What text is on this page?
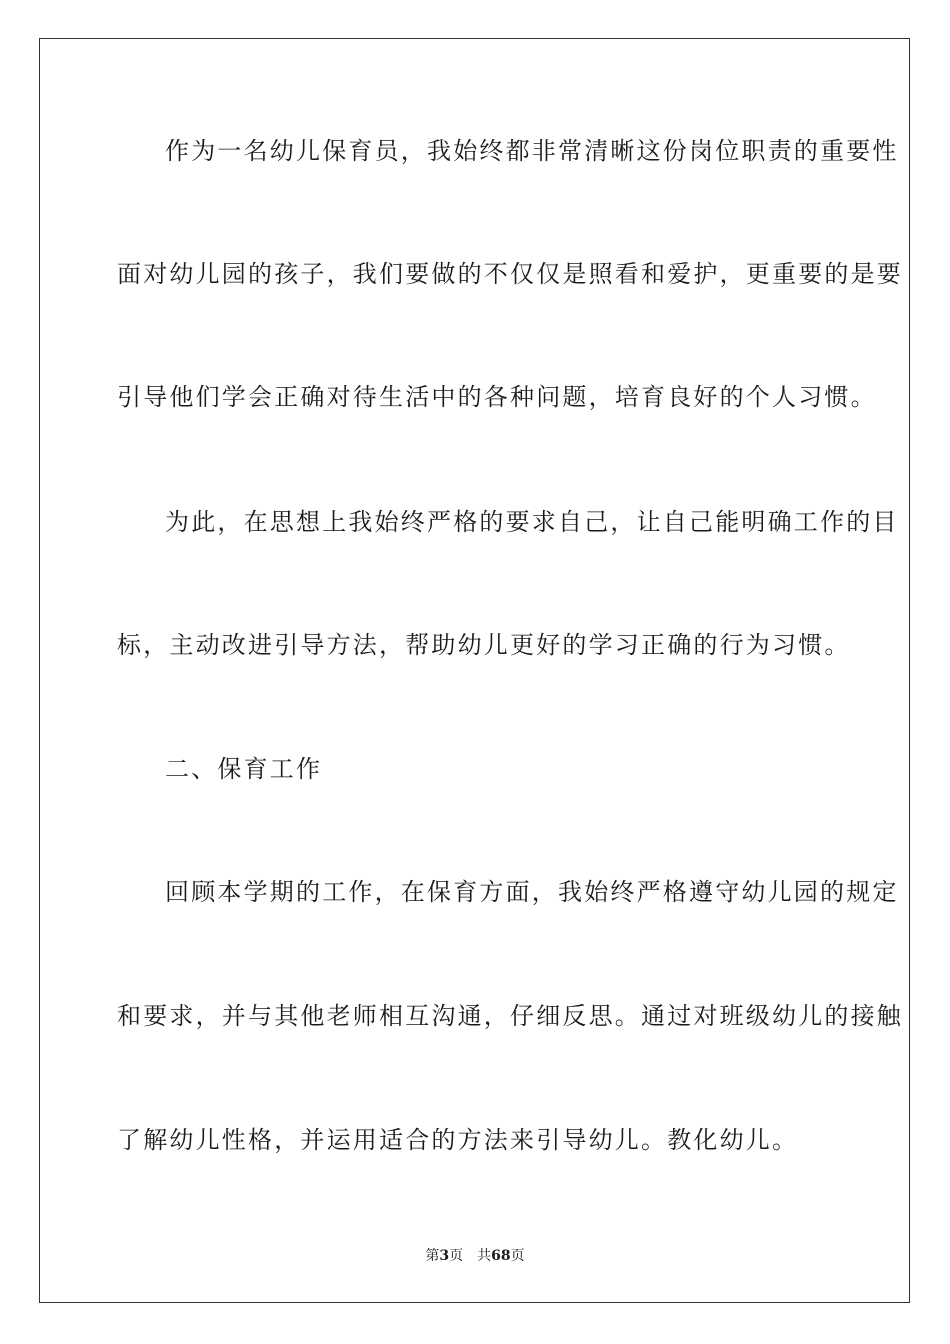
作为一名幼儿保育员，我始终都非常清晰这份岗位职责的重要性
面对幼儿园的孩子，我们要做的不仅仅是照看和爱护，更重要的是要
引导他们学会正确对待生活中的各种问题，培育良好的个人习惯。
为此，在思想上我始终严格的要求自己，让自己能明确工作的目
标，主动改进引导方法，帮助幼儿更好的学习正确的行为习惯。
二、保育工作
回顾本学期的工作，在保育方面，我始终严格遵守幼儿园的规定
和要求，并与其他老师相互沟通，仔细反思。通过对班级幼儿的接触
了解幼儿性格，并运用适合的方法来引导幼儿。教化幼儿。
第3页 共68页
